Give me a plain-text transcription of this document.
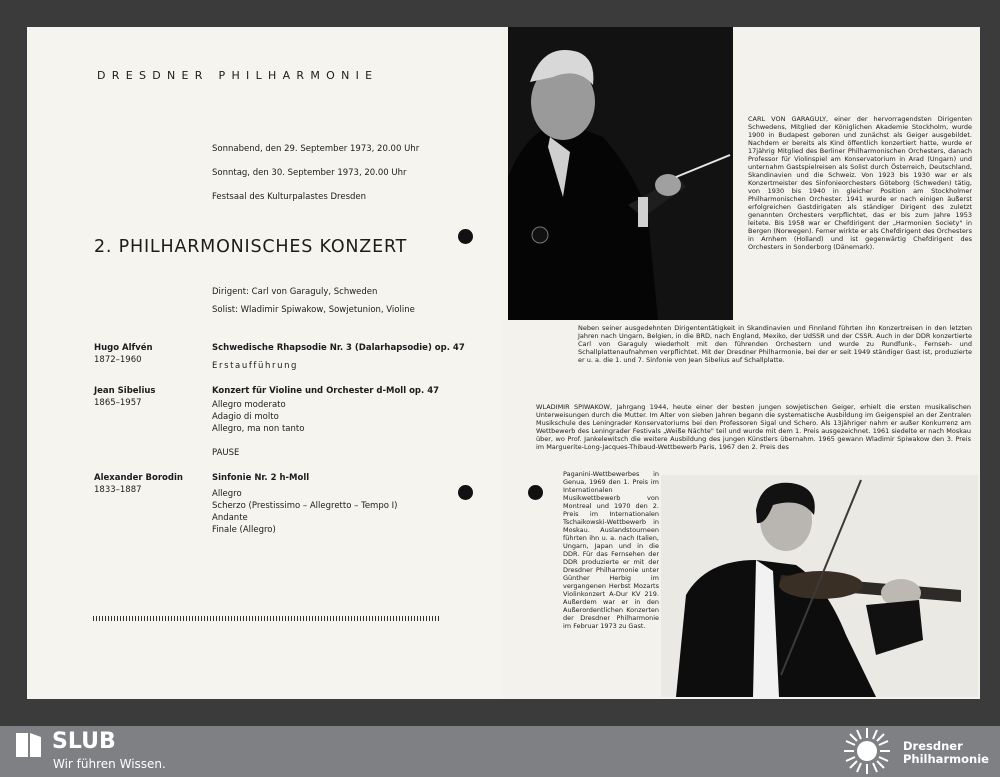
DRESDNER PHILHARMONIE

Sonnabend, den 29. September 1973, 20.00 Uhr

Sonntag, den 30. September 1973, 20.00 Uhr

Festsaal des Kulturpalastes Dresden

2. PHILHARMONISCHES KONZERT

Dirigent: Carl von Garaguly, Schweden

Solist: Wladimir Spiwakow, Sowjetunion, Violine

Hugo Alfvén
1872–1960
Schwedische Rhapsodie Nr. 3 (Dalarhapsodie) op. 47
Erstaufführung
Jean Sibelius
1865–1957
Konzert für Violine und Orchester d-Moll op. 47
Allegro moderato
Adagio di molto
Allegro, ma non tanto

PAUSE

Alexander Borodin
1833–1887
Sinfonie Nr. 2 h-Moll
Allegro
Scherzo (Prestissimo – Allegretto – Tempo I)
Andante
Finale (Allegro)

CARL VON GARAGULY, einer der hervorragendsten Dirigenten Schwedens, Mitglied der Königlichen Akademie Stockholm, wurde 1900 in Budapest geboren und zunächst als Geiger ausgebildet. Nachdem er bereits als Kind öffentlich konzertiert hatte, wurde er 17jährig Mitglied des Berliner Philharmonischen Orchesters, danach Professor für Violinspiel am Konservatorium in Arad (Ungarn) und unternahm Gastspielreisen als Solist durch Österreich, Deutschland, Skandinavien und die Schweiz. Von 1923 bis 1930 war er als Konzertmeister des Sinfonieorchesters Göteborg (Schweden) tätig, von 1930 bis 1940 in gleicher Position am Stockholmer Philharmonischen Orchester. 1941 wurde er nach einigen äußerst erfolgreichen Gastdirigaten als ständiger Dirigent des zuletzt genannten Orchesters verpflichtet, das er bis zum Jahre 1953 leitete. Bis 1958 war er Chefdirigent der „Harmonien Society" in Bergen (Norwegen). Ferner wirkte er als Chefdirigent des Orchesters in Arnhem (Holland) und ist gegenwärtig Chefdirigent des Orchesters in Sonderborg (Dänemark).

Neben seiner ausgedehnten Dirigententätigkeit in Skandinavien und Finnland führten ihn Konzertreisen in den letzten Jahren nach Ungarn, Belgien, in die BRD, nach England, Mexiko, der UdSSR und der CSSR. Auch in der DDR konzertierte Carl von Garaguly wiederholt mit den führenden Orchestern und wurde zu Rundfunk-, Fernseh- und Schallplattenaufnahmen verpflichtet. Mit der Dresdner Philharmonie, bei der er seit 1949 ständiger Gast ist, produzierte er u. a. die 1. und 7. Sinfonie von Jean Sibelius auf Schallplatte.

WLADIMIR SPIWAKOW, Jahrgang 1944, heute einer der besten jungen sowjetischen Geiger, erhielt die ersten musikalischen Unterweisungen durch die Mutter. Im Alter von sieben Jahren begann die systematische Ausbildung im Geigenspiel an der Zentralen Musikschule des Leningrader Konservatoriums bei den Professoren Sigal und Schero. Als 13jähriger nahm er außer Konkurrenz am Wettbewerb des Leningrader Festivals „Weiße Nächte" teil und wurde mit dem 1. Preis ausgezeichnet. 1961 siedelte er nach Moskau über, wo Prof. Jankelewitsch die weitere Ausbildung des jungen Künstlers übernahm. 1965 gewann Wladimir Spiwakow den 3. Preis im Marguerite-Long-Jacques-Thibaud-Wettbewerb Paris, 1967 den 2. Preis des

Paganini-Wettbewerbes in Genua, 1969 den 1. Preis im Internationalen Musikwettbewerb von Montreal und 1970 den 2. Preis im Internationalen Tschaikowski-Wettbewerb in Moskau. Auslandstourneen führten ihn u. a. nach Italien, Ungarn, Japan und in die DDR. Für das Fernsehen der DDR produzierte er mit der Dresdner Philharmonie unter Günther Herbig im vergangenen Herbst Mozarts Violinkonzert A-Dur KV 219. Außerdem war er in den Außerordentlichen Konzerten der Dresdner Philharmonie im Februar 1973 zu Gast.

SLUB
Wir führen Wissen.
Dresdner
Philharmonie
